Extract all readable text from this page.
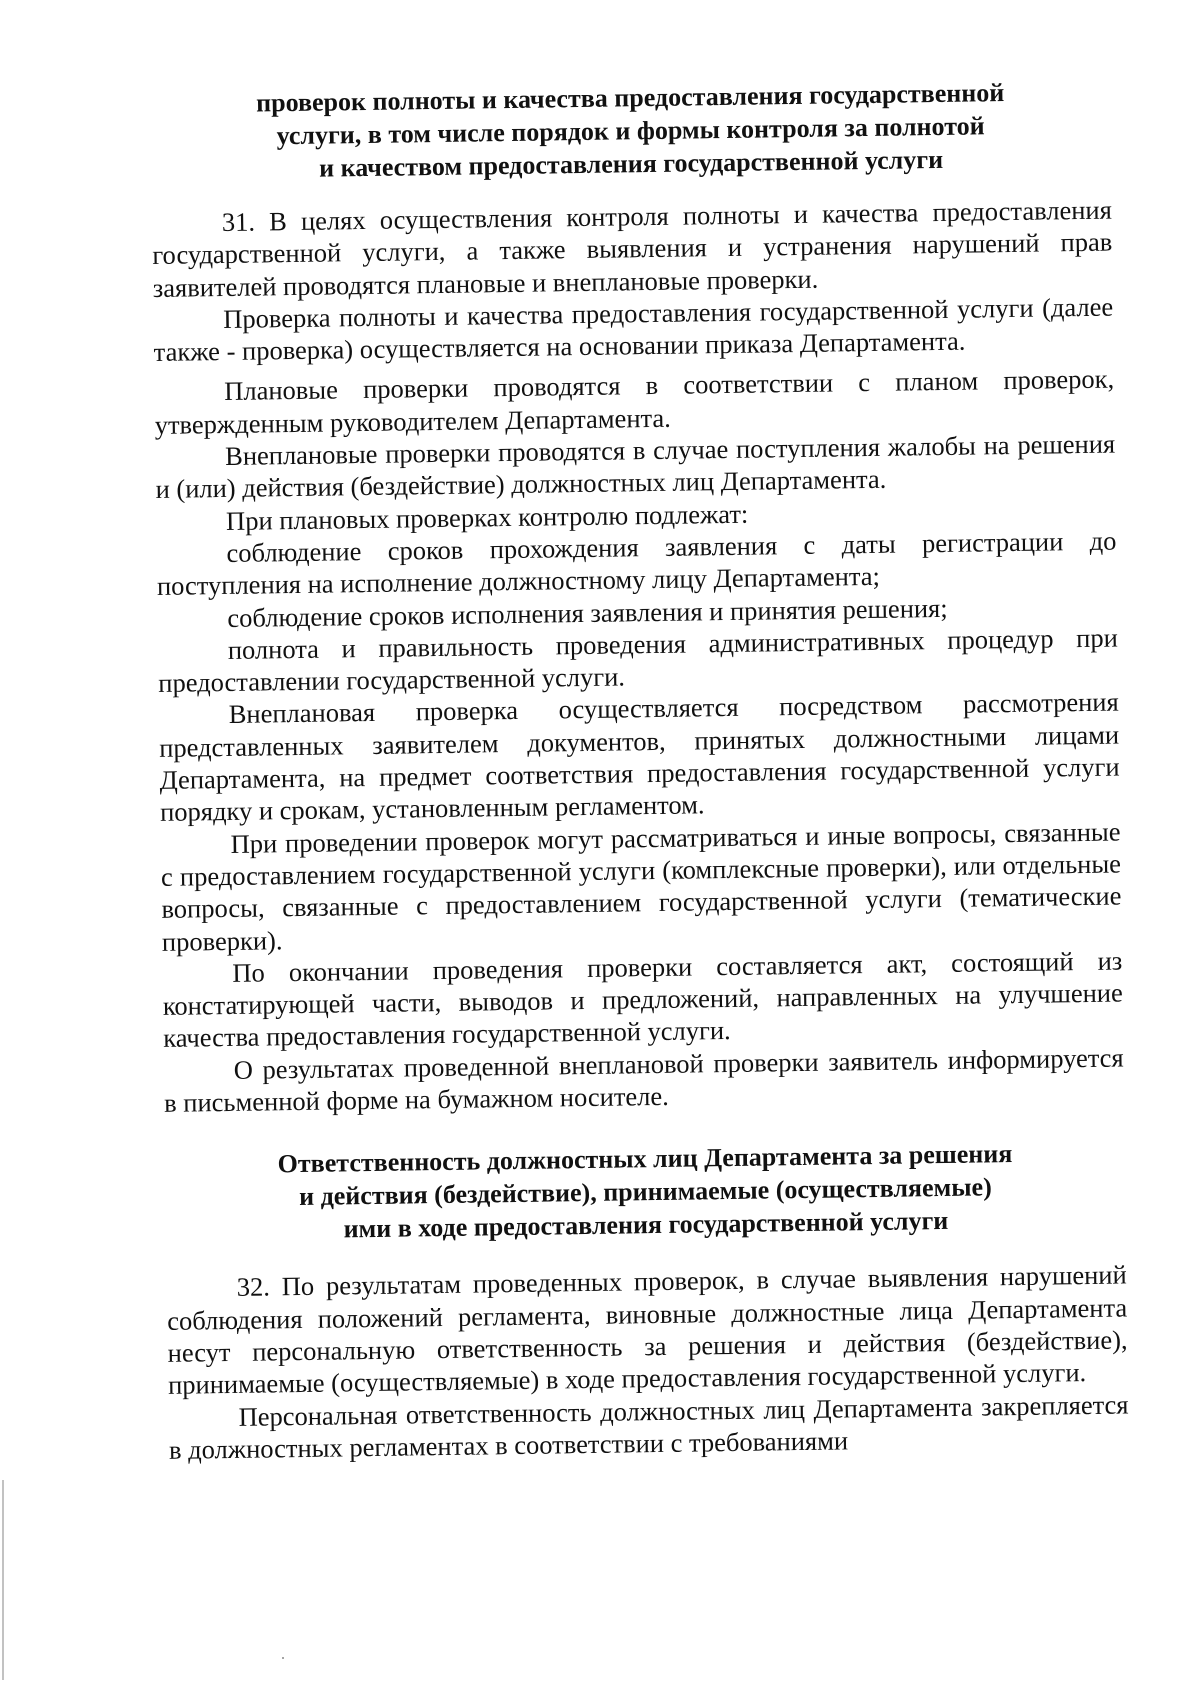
проверок полноты и качества предоставления государственной
услуги, в том числе порядок и формы контроля за полнотой
и качеством предоставления государственной услуги

31. В целях осуществления контроля полноты и качества предоставления государственной услуги, а также выявления и устранения нарушений прав заявителей проводятся плановые и внеплановые проверки.

Проверка полноты и качества предоставления государственной услуги (далее также - проверка) осуществляется на основании приказа Департамента.

Плановые проверки проводятся в соответствии с планом проверок, утвержденным руководителем Департамента.

Внеплановые проверки проводятся в случае поступления жалобы на решения и (или) действия (бездействие) должностных лиц Департамента.

При плановых проверках контролю подлежат:

соблюдение сроков прохождения заявления с даты регистрации до поступления на исполнение должностному лицу Департамента;

соблюдение сроков исполнения заявления и принятия решения;

полнота и правильность проведения административных процедур при предоставлении государственной услуги.

Внеплановая проверка осуществляется посредством рассмотрения представленных заявителем документов, принятых должностными лицами Департамента, на предмет соответствия предоставления государственной услуги порядку и срокам, установленным регламентом.

При проведении проверок могут рассматриваться и иные вопросы, связанные с предоставлением государственной услуги (комплексные проверки), или отдельные вопросы, связанные с предоставлением государственной услуги (тематические проверки).

По окончании проведения проверки составляется акт, состоящий из констатирующей части, выводов и предложений, направленных на улучшение качества предоставления государственной услуги.

О результатах проведенной внеплановой проверки заявитель информируется в письменной форме на бумажном носителе.

Ответственность должностных лиц Департамента за решения
и действия (бездействие), принимаемые (осуществляемые)
ими в ходе предоставления государственной услуги

32. По результатам проведенных проверок, в случае выявления нарушений соблюдения положений регламента, виновные должностные лица Департамента несут персональную ответственность за решения и действия (бездействие), принимаемые (осуществляемые) в ходе предоставления государственной услуги.

Персональная ответственность должностных лиц Департамента закрепляется в должностных регламентах в соответствии с требованиями
